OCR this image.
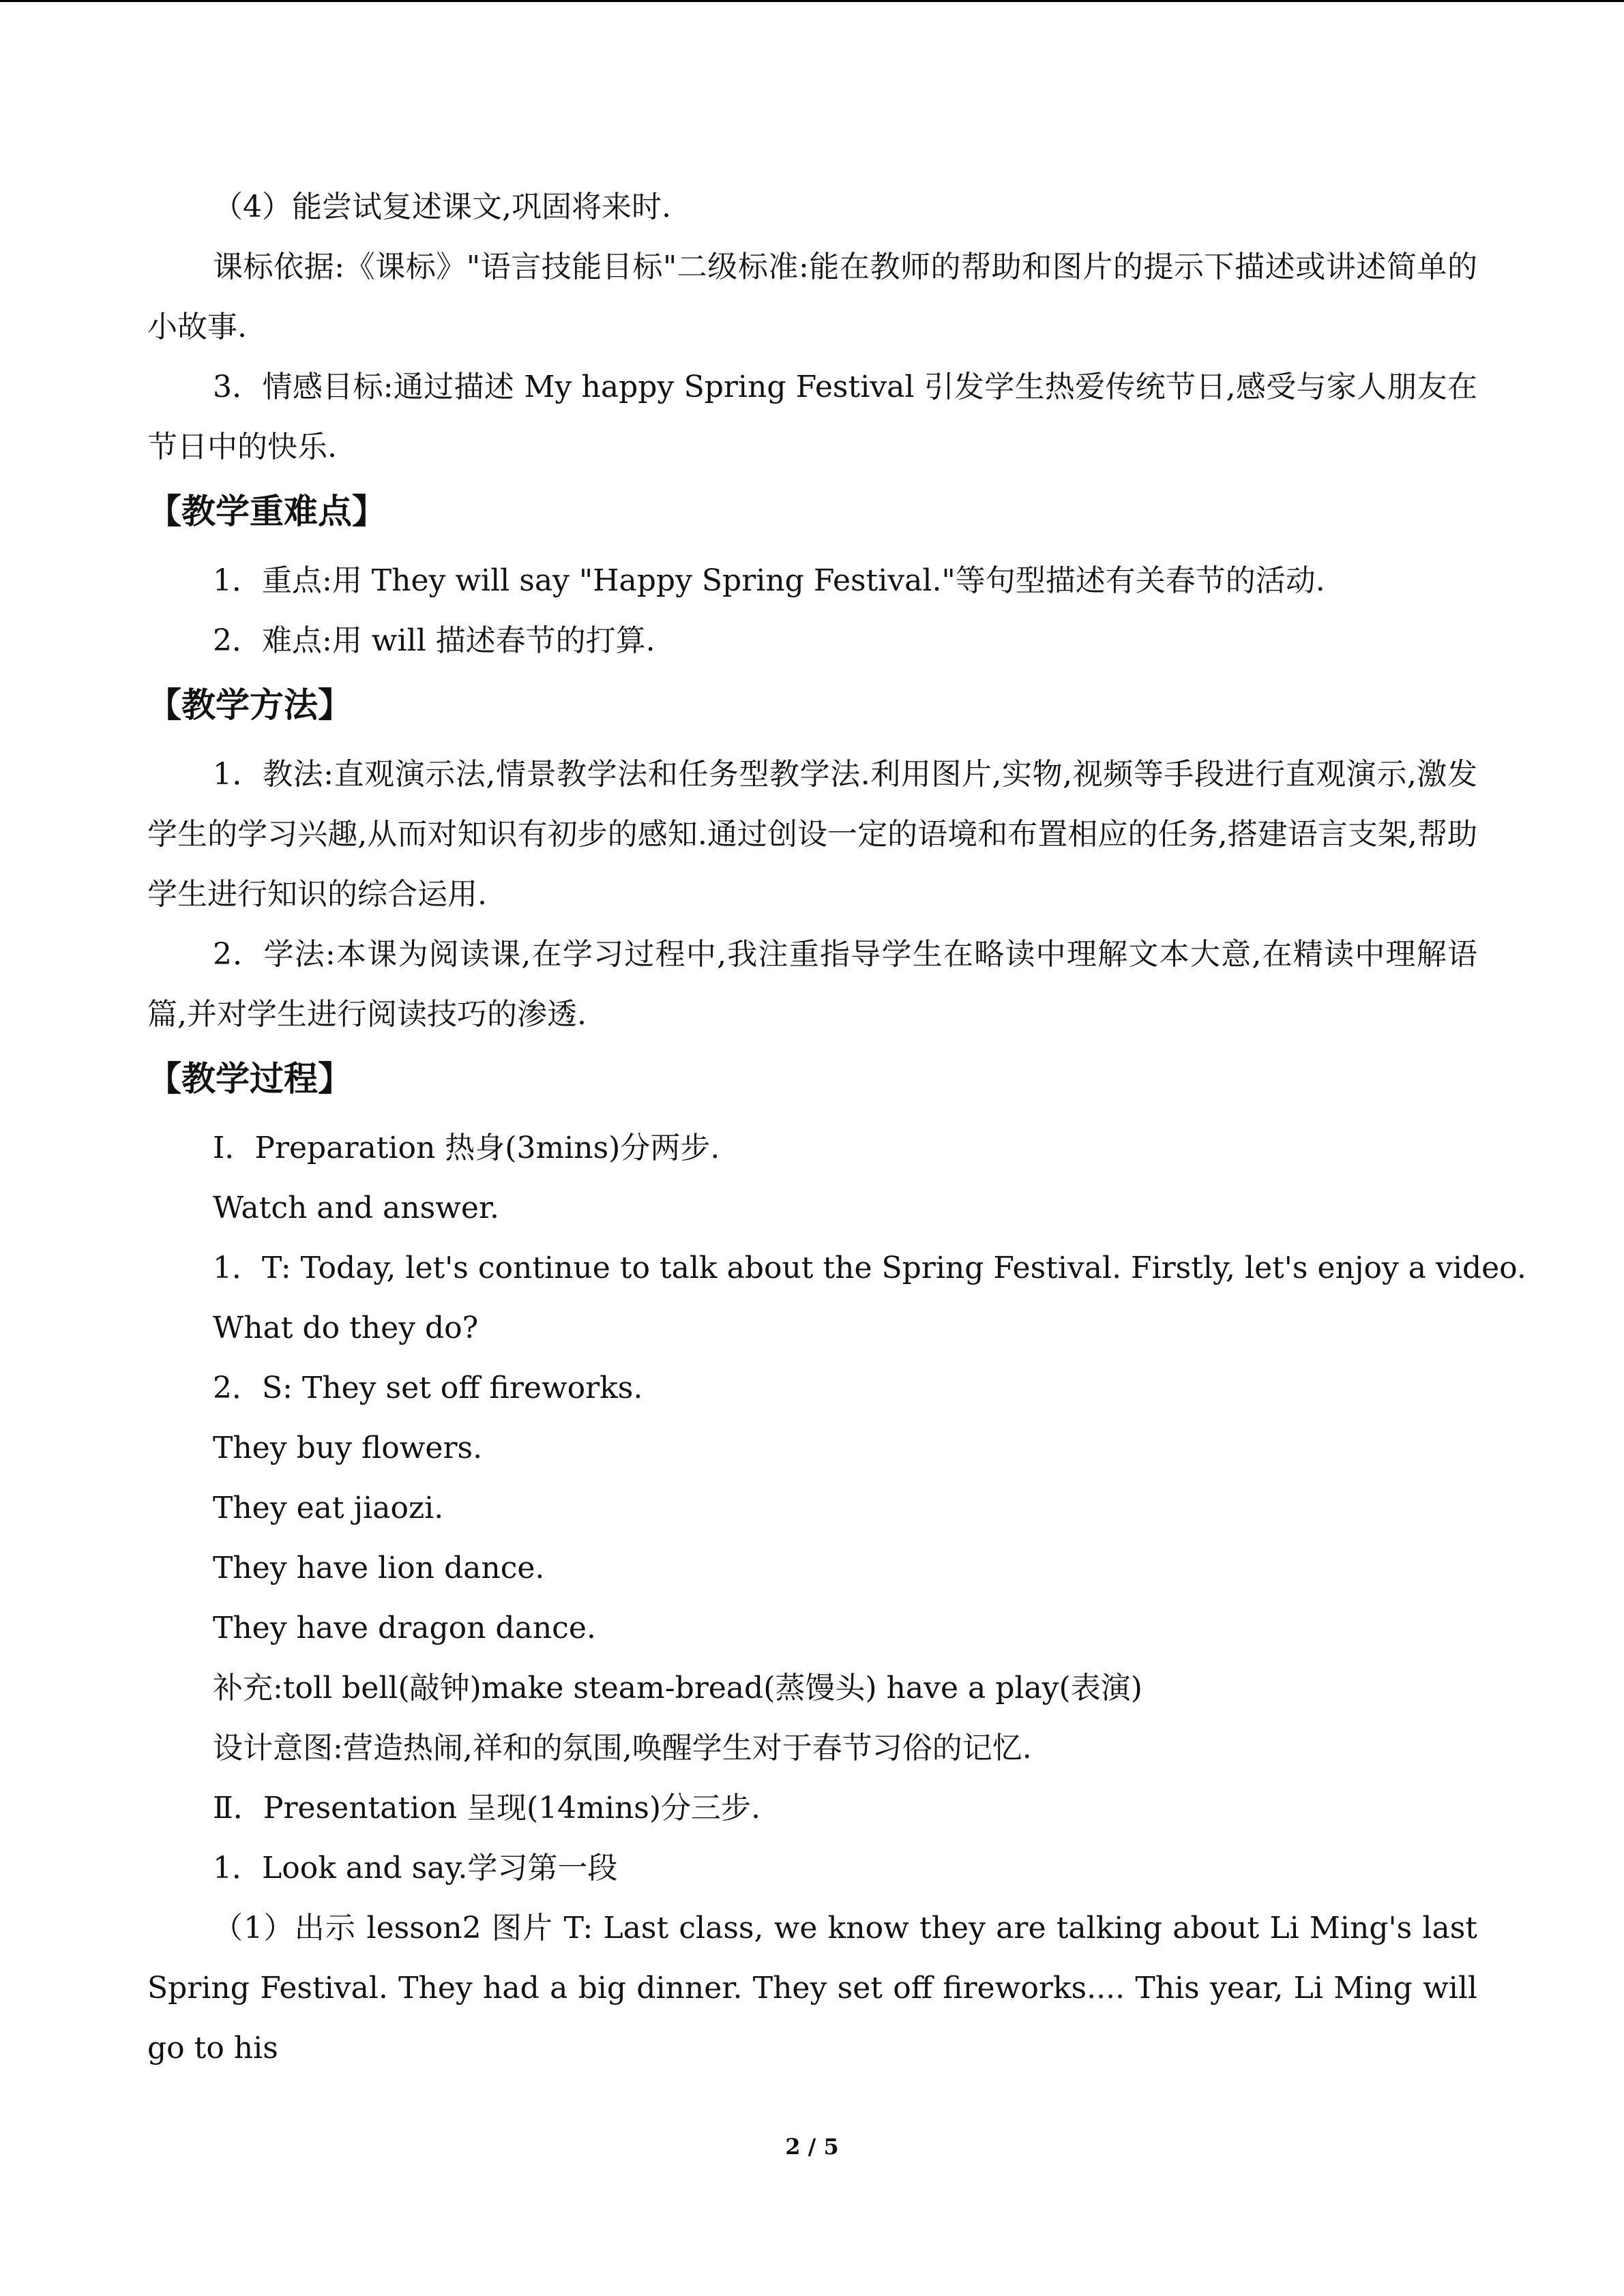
（4）能尝试复述课文,巩固将来时.

课标依据:《课标》"语言技能目标"二级标准:能在教师的帮助和图片的提示下描述或讲述简单的小故事.

3．情感目标:通过描述 My happy Spring Festival 引发学生热爱传统节日,感受与家人朋友在节日中的快乐.

【教学重难点】

1．重点:用 They will say "Happy Spring Festival."等句型描述有关春节的活动.

2．难点:用 will 描述春节的打算.

【教学方法】

1．教法:直观演示法,情景教学法和任务型教学法.利用图片,实物,视频等手段进行直观演示,激发学生的学习兴趣,从而对知识有初步的感知.通过创设一定的语境和布置相应的任务,搭建语言支架,帮助学生进行知识的综合运用.

2．学法:本课为阅读课,在学习过程中,我注重指导学生在略读中理解文本大意,在精读中理解语篇,并对学生进行阅读技巧的渗透.

【教学过程】

Ⅰ．Preparation 热身(3mins)分两步.

Watch and answer.

1．T: Today, let's continue to talk about the Spring Festival. Firstly, let's enjoy a video.

What do they do?

2．S: They set off fireworks.

They buy flowers.

They eat jiaozi.

They have lion dance.

They have dragon dance.

补充:toll bell(敲钟)make steam-bread(蒸馒头) have a play(表演)

设计意图:营造热闹,祥和的氛围,唤醒学生对于春节习俗的记忆.

Ⅱ．Presentation 呈现(14mins)分三步.

1．Look and say.学习第一段

（1）出示 lesson2 图片 T: Last class, we know they are talking about Li Ming's last Spring Festival. They had a big dinner. They set off fireworks.... This year, Li Ming will go to his

2 / 5
